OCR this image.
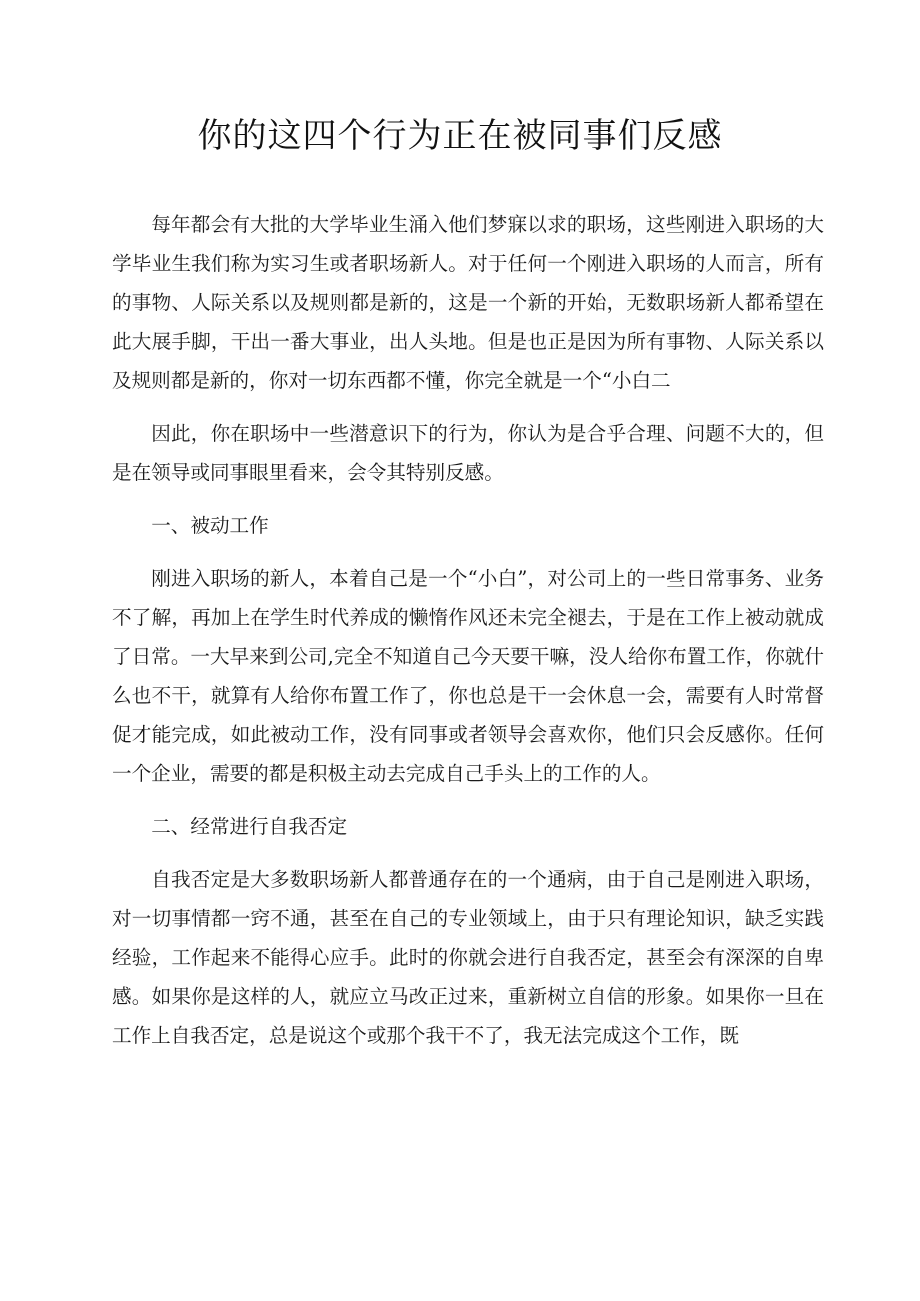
你的这四个行为正在被同事们反感

每年都会有大批的大学毕业生涌入他们梦寐以求的职场，这些刚进入职场的大学毕业生我们称为实习生或者职场新人。对于任何一个刚进入职场的人而言，所有的事物、人际关系以及规则都是新的，这是一个新的开始，无数职场新人都希望在此大展手脚，干出一番大事业，出人头地。但是也正是因为所有事物、人际关系以及规则都是新的，你对一切东西都不懂，你完全就是一个“小白二

因此，你在职场中一些潜意识下的行为，你认为是合乎合理、问题不大的，但是在领导或同事眼里看来，会令其特别反感。

一、被动工作

刚进入职场的新人，本着自己是一个“小白”，对公司上的一些日常事务、业务不了解，再加上在学生时代养成的懒惰作风还未完全褪去，于是在工作上被动就成了日常。一大早来到公司,完全不知道自己今天要干嘛，没人给你布置工作，你就什么也不干，就算有人给你布置工作了，你也总是干一会休息一会，需要有人时常督促才能完成，如此被动工作，没有同事或者领导会喜欢你，他们只会反感你。任何一个企业，需要的都是积极主动去完成自己手头上的工作的人。

二、经常进行自我否定

自我否定是大多数职场新人都普通存在的一个通病，由于自己是刚进入职场，对一切事情都一窍不通，甚至在自己的专业领域上，由于只有理论知识，缺乏实践经验，工作起来不能得心应手。此时的你就会进行自我否定，甚至会有深深的自卑感。如果你是这样的人，就应立马改正过来，重新树立自信的形象。如果你一旦在工作上自我否定，总是说这个或那个我干不了，我无法完成这个工作，既
